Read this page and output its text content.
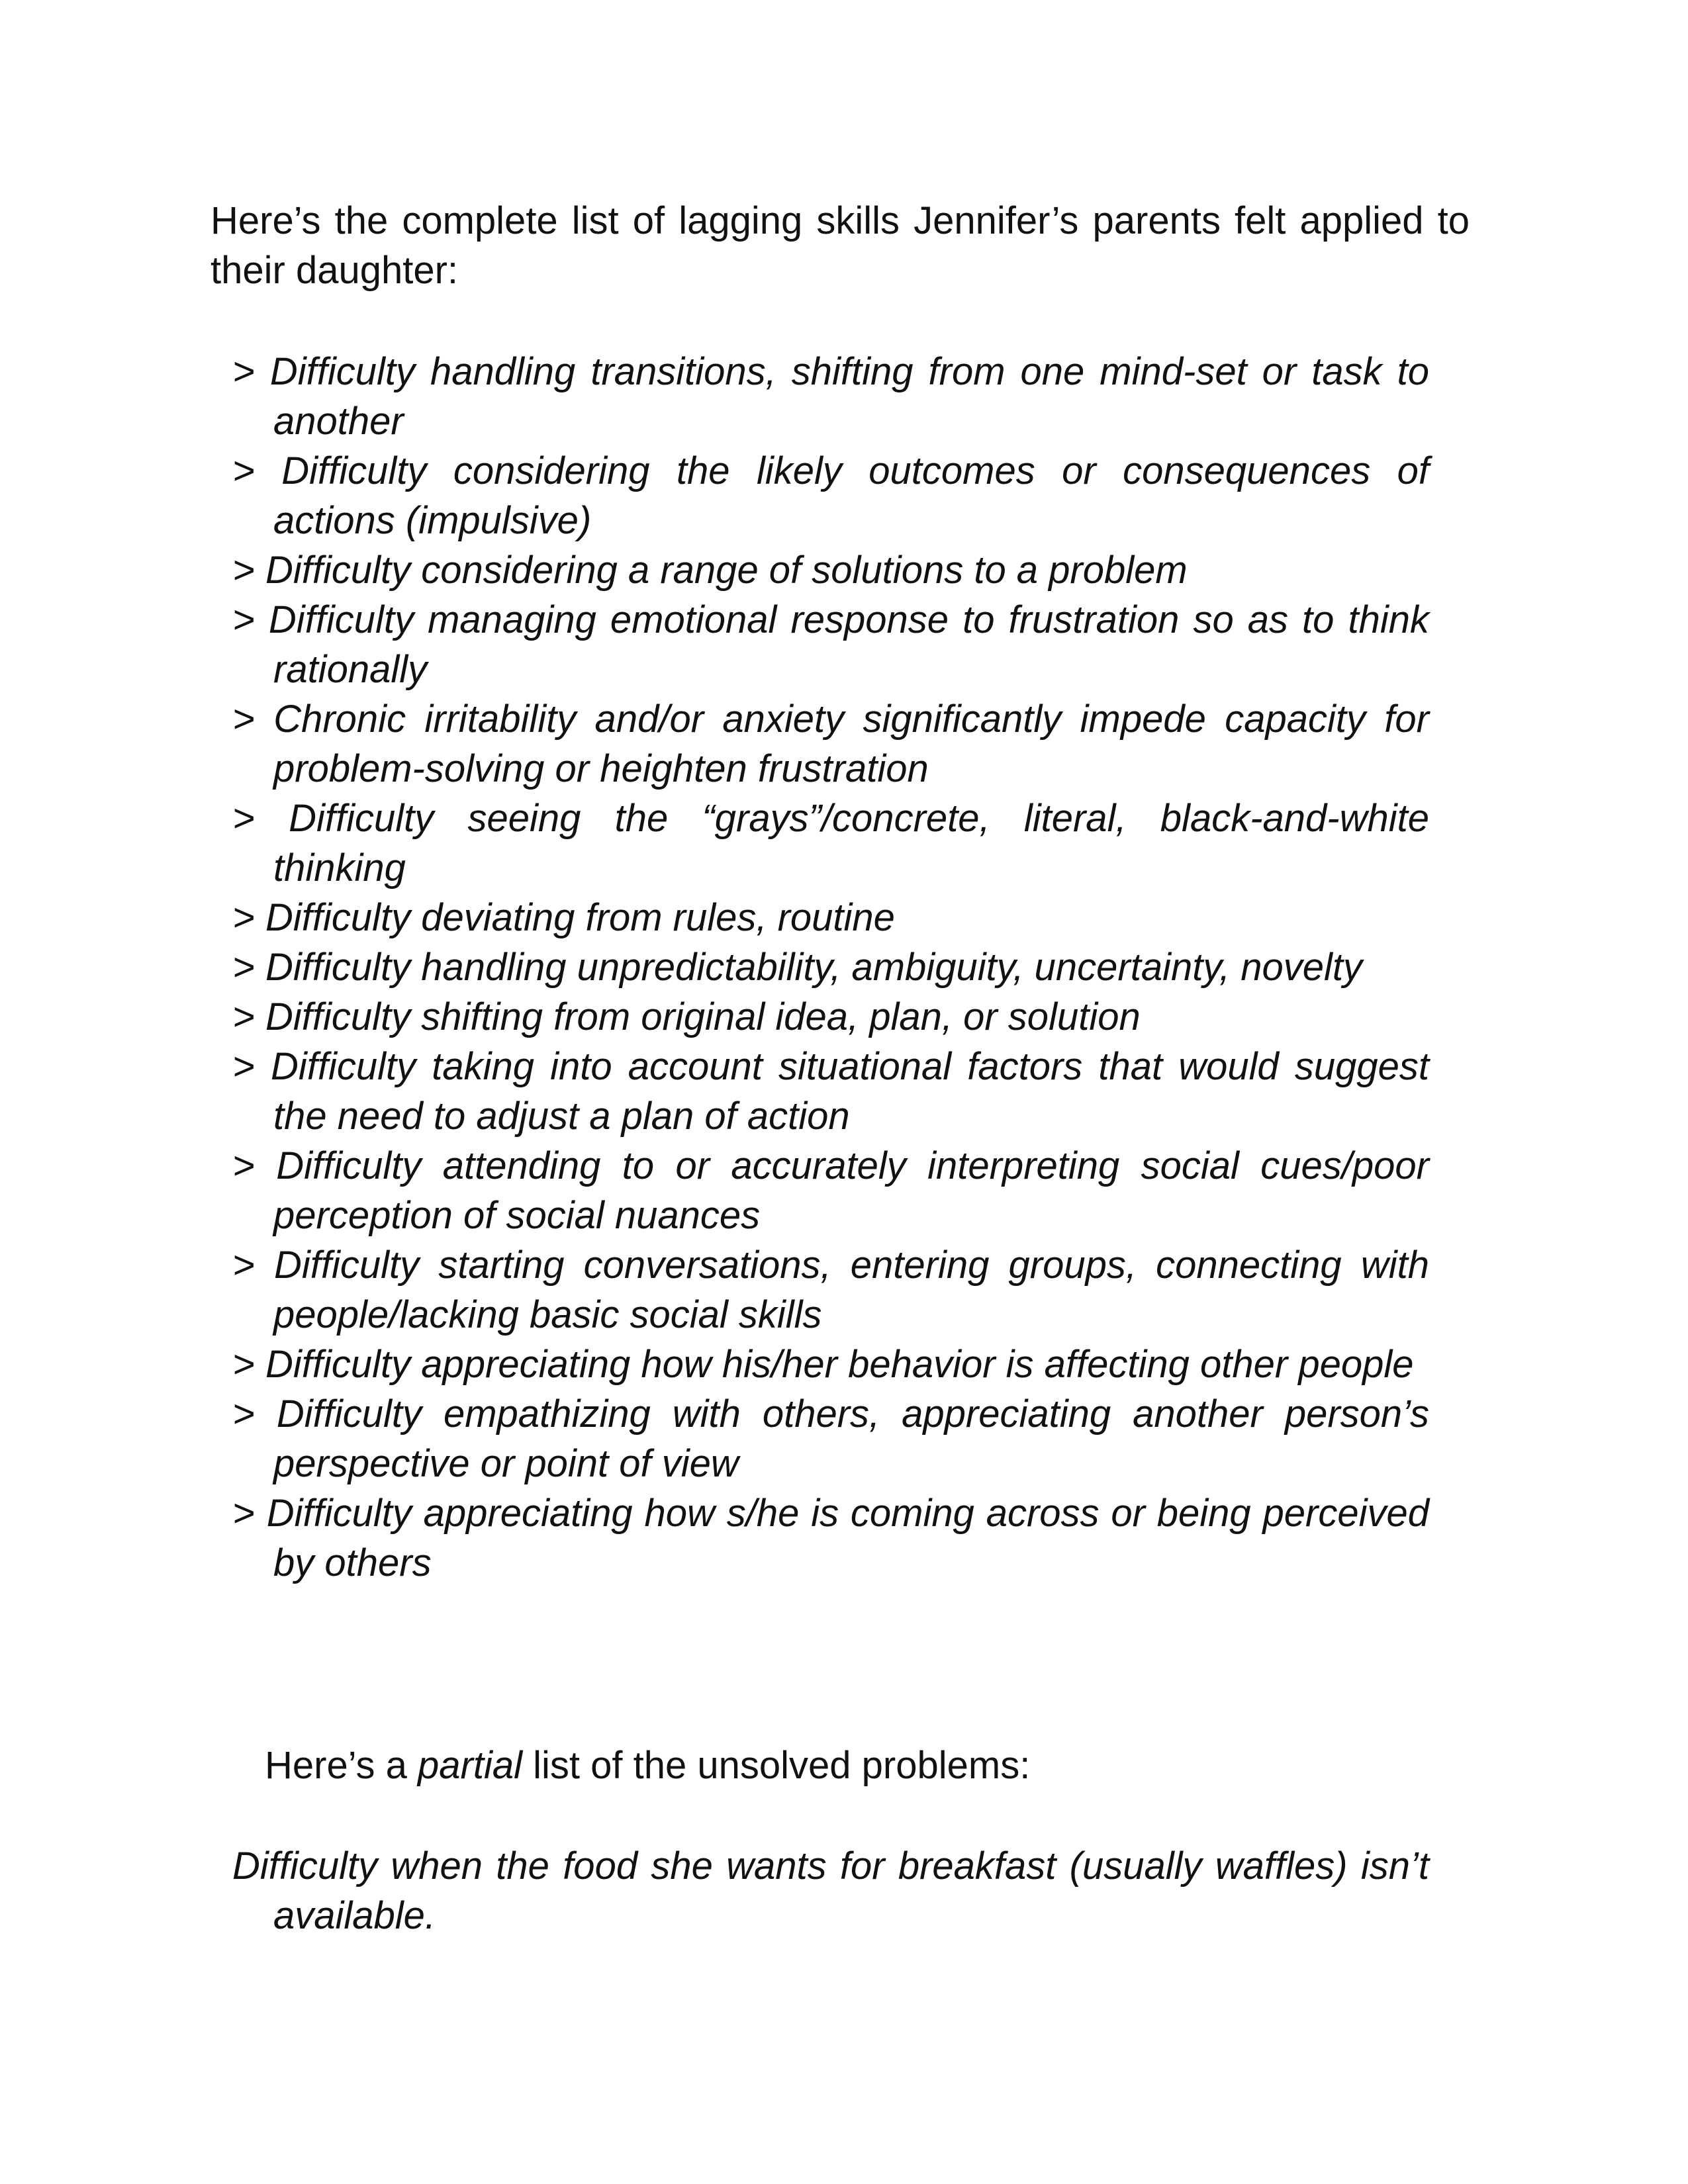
Here’s the complete list of lagging skills Jennifer’s parents felt applied to their daughter:

> Difficulty handling transitions, shifting from one mind-set or task to another
> Difficulty considering the likely outcomes or consequences of actions (impulsive)
> Difficulty considering a range of solutions to a problem
> Difficulty managing emotional response to frustration so as to think rationally
> Chronic irritability and/or anxiety significantly impede capacity for problem-solving or heighten frustration
> Difficulty seeing the “grays”/concrete, literal, black-and-white thinking
> Difficulty deviating from rules, routine
> Difficulty handling unpredictability, ambiguity, uncertainty, novelty
> Difficulty shifting from original idea, plan, or solution
> Difficulty taking into account situational factors that would suggest the need to adjust a plan of action
> Difficulty attending to or accurately interpreting social cues/poor perception of social nuances
> Difficulty starting conversations, entering groups, connecting with people/lacking basic social skills
> Difficulty appreciating how his/her behavior is affecting other people
> Difficulty empathizing with others, appreciating another person’s perspective or point of view
> Difficulty appreciating how s/he is coming across or being perceived by others

Here’s a partial list of the unsolved problems:

Difficulty when the food she wants for breakfast (usually waffles) isn’t available.
